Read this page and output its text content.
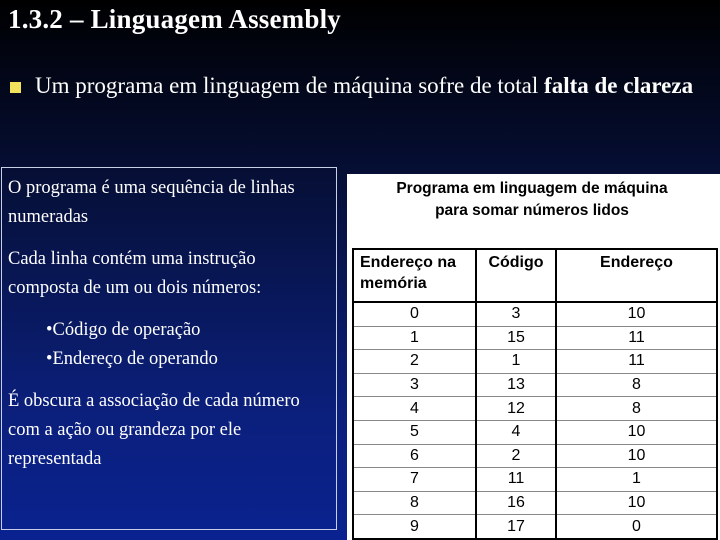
1.3.2 – Linguagem Assembly
Um programa em linguagem de máquina sofre de total falta de clareza

O programa é uma sequência de linhas numeradas

Cada linha contém uma instrução composta de um ou dois números:

•Código de operação
•Endereço de operando

É obscura a associação de cada número com a ação ou grandeza por ele representada

Programa em linguagem de máquina
para somar números lidos
Endereço na memória	Código	Endereço
0	3	10
1	15	11
2	1	11
3	13	8
4	12	8
5	4	10
6	2	10
7	11	1
8	16	10
9	17	0
